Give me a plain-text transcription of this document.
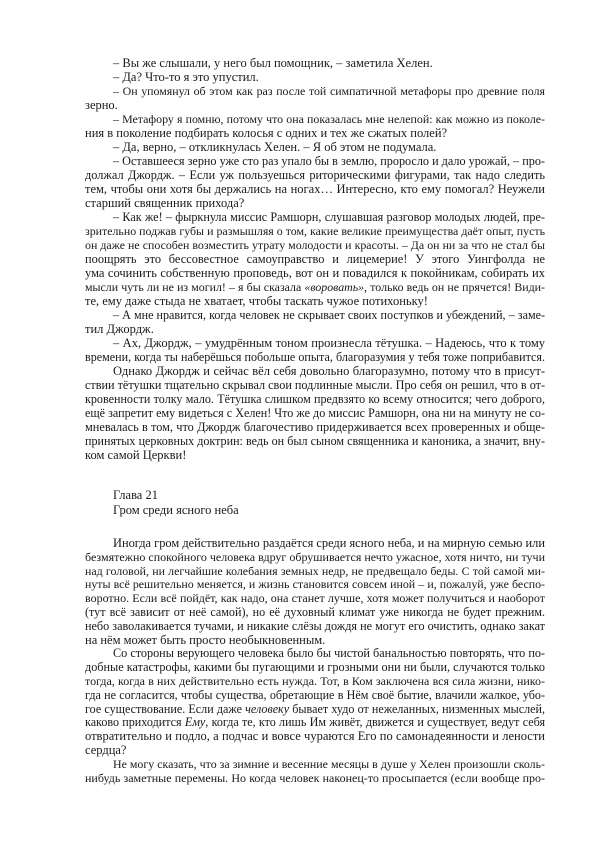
– Вы же слышали, у него был помощник, – заметила Хелен.
– Да? Что-то я это упустил.
– Он упомянул об этом как раз после той симпатичной метафоры про древние поля
зерно.
– Метафору я помню, потому что она показалась мне нелепой: как можно из поколе-
ния в поколение подбирать колосья с одних и тех же сжатых полей?
– Да, верно, – откликнулась Хелен. – Я об этом не подумала.
– Оставшееся зерно уже сто раз упало бы в землю, проросло и дало урожай, – про-
должал Джордж. – Если уж пользуешься риторическими фигурами, так надо следить
тем, чтобы они хотя бы держались на ногах… Интересно, кто ему помогал? Неужели
старший священник прихода?
– Как же! – фыркнула миссис Рамшорн, слушавшая разговор молодых людей, пре-
зрительно поджав губы и размышляя о том, какие великие преимущества даёт опыт, пусть
он даже не способен возместить утрату молодости и красоты. – Да он ни за что не стал бы
поощрять это бессовестное самоуправство и лицемерие! У этого Уингфолда не
ума сочинить собственную проповедь, вот он и повадился к покойникам, собирать их
мысли чуть ли не из могил! – я бы сказала «воровать», только ведь он не прячется! Види-
те, ему даже стыда не хватает, чтобы таскать чужое потихоньку!
– А мне нравится, когда человек не скрывает своих поступков и убеждений, – заме-
тил Джордж.
– Ах, Джордж, – умудрённым тоном произнесла тётушка. – Надеюсь, что к тому
времени, когда ты наберёшься побольше опыта, благоразумия у тебя тоже поприбавится.
Однако Джордж и сейчас вёл себя довольно благоразумно, потому что в присут-
ствии тётушки тщательно скрывал свои подлинные мысли. Про себя он решил, что в от-
кровенности толку мало. Тётушка слишком предвзято ко всему относится; чего доброго,
ещё запретит ему видеться с Хелен! Что же до миссис Рамшорн, она ни на минуту не со-
мневалась в том, что Джордж благочестиво придерживается всех проверенных и обще-
принятых церковных доктрин: ведь он был сыном священника и каноника, а значит, вну-
ком самой Церкви!
Глава 21
Гром среди ясного неба
Иногда гром действительно раздаётся среди ясного неба, и на мирную семью или
безмятежно спокойного человека вдруг обрушивается нечто ужасное, хотя ничто, ни тучи
над головой, ни легчайшие колебания земных недр, не предвещало беды. С той самой ми-
нуты всё решительно меняется, и жизнь становится совсем иной – и, пожалуй, уже беспо-
воротно. Если всё пойдёт, как надо, она станет лучше, хотя может получиться и наоборот
(тут всё зависит от неё самой), но её духовный климат уже никогда не будет прежним.
небо заволакивается тучами, и никакие слёзы дождя не могут его очистить, однако закат
на нём может быть просто необыкновенным.
Со стороны верующего человека было бы чистой банальностью повторять, что по-
добные катастрофы, какими бы пугающими и грозными они ни были, случаются только
тогда, когда в них действительно есть нужда. Тот, в Ком заключена вся сила жизни, нико-
гда не согласится, чтобы существа, обретающие в Нём своё бытие, влачили жалкое, убо-
гое существование. Если даже человеку бывает худо от нежеланных, низменных мыслей,
каково приходится Ему, когда те, кто лишь Им живёт, движется и существует, ведут себя
отвратительно и подло, а подчас и вовсе чураются Его по самонадеянности и лености
сердца?
Не могу сказать, что за зимние и весенние месяцы в душе у Хелен произошли сколь-
нибудь заметные перемены. Но когда человек наконец-то просыпается (если вообще про-
